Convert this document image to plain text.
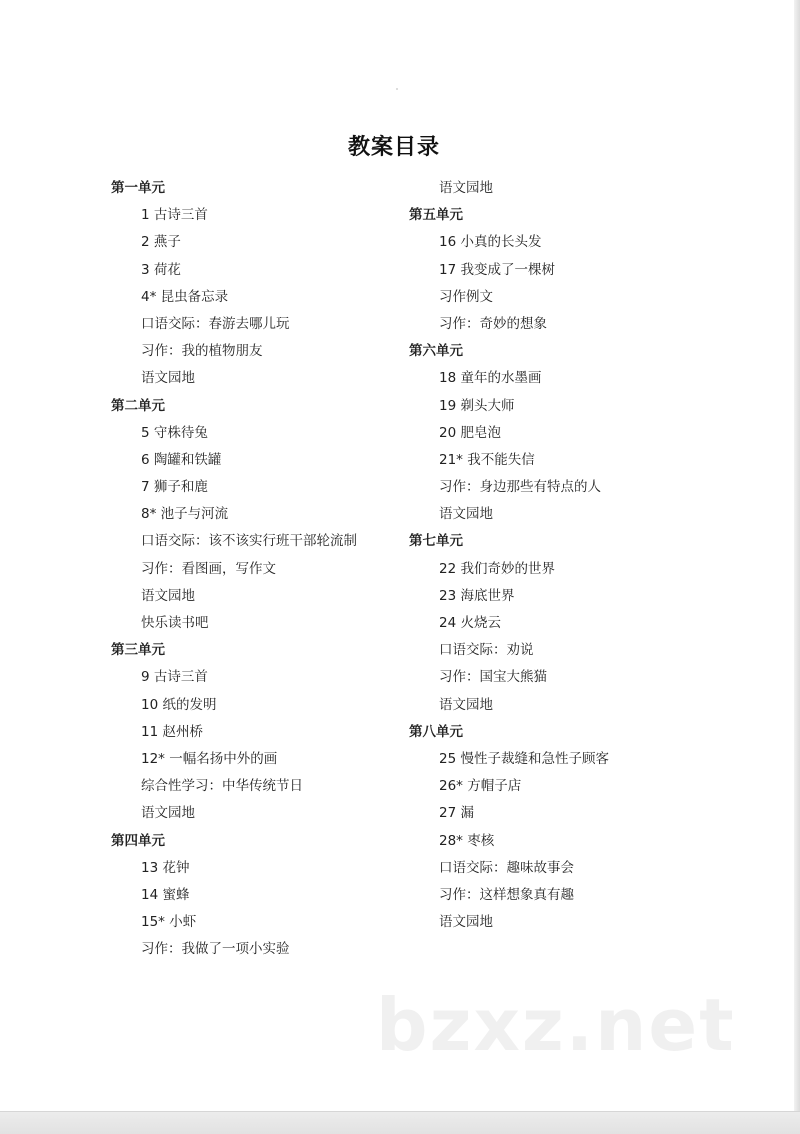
教案目录
第一单元
1 古诗三首
2 燕子
3 荷花
4* 昆虫备忘录
口语交际：春游去哪儿玩
习作：我的植物朋友
语文园地
第二单元
5 守株待兔
6 陶罐和铁罐
7 狮子和鹿
8* 池子与河流
口语交际：该不该实行班干部轮流制
习作：看图画，写作文
语文园地
快乐读书吧
第三单元
9 古诗三首
10 纸的发明
11 赵州桥
12* 一幅名扬中外的画
综合性学习：中华传统节日
语文园地
第四单元
13 花钟
14 蜜蜂
15* 小虾
习作：我做了一项小实验
语文园地
第五单元
16 小真的长头发
17 我变成了一棵树
习作例文
习作：奇妙的想象
第六单元
18 童年的水墨画
19 剃头大师
20 肥皂泡
21* 我不能失信
习作：身边那些有特点的人
语文园地
第七单元
22 我们奇妙的世界
23 海底世界
24 火烧云
口语交际：劝说
习作：国宝大熊猫
语文园地
第八单元
25 慢性子裁缝和急性子顾客
26* 方帽子店
27 漏
28* 枣核
口语交际：趣味故事会
习作：这样想象真有趣
语文园地
bzxz.net
